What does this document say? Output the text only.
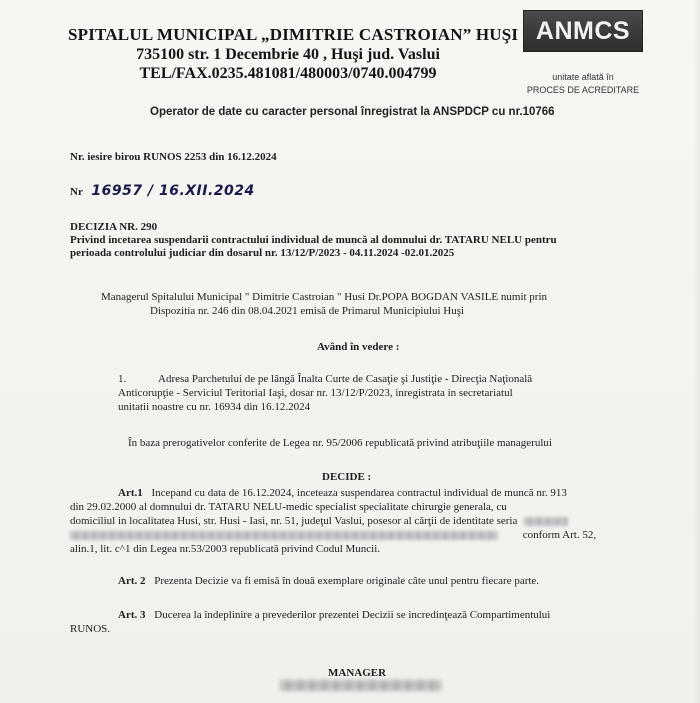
SPITALUL MUNICIPAL „DIMITRIE CASTROIAN” HUŞI
735100 str. 1 Decembrie 40 , Huşi jud. Vaslui
TEL/FAX.0235.481081/480003/0740.004799
ANMCS
unitate aflată în
PROCES DE ACREDITARE
Operator de date cu caracter personal înregistrat la ANSPDCP cu nr.10766
Nr. iesire birou RUNOS 2253 din 16.12.2024
Nr 16957 / 16.XII.2024
DECIZIA NR. 290
Privind incetarea suspendarii contractului individual de muncă al domnului dr. TATARU NELU pentru
perioada controlului judiciar din dosarul nr. 13/12/P/2023 - 04.11.2024 -02.01.2025
Managerul Spitalului Municipal " Dimitrie Castroian " Husi Dr.POPA BOGDAN VASILE numit prin
Dispozitia nr. 246 din 08.04.2021 emisă de Primarul Municipiului Huşi
Având în vedere :
1.	Adresa Parchetului de pe lângă Înalta Curte de Casaţie şi Justiţie - Direcţia Naţională
Anticorupţie - Serviciul Teritorial Iaşi, dosar nr. 13/12/P/2023, inregistrata in secretariatul
unitatii noastre cu nr. 16934 din 16.12.2024
În baza prerogativelor conferite de Legea nr. 95/2006 republicată privind atribuţiile managerului
DECIDE :
Art.1 Incepand cu data de 16.12.2024, inceteaza suspendarea contractul individual de muncă nr. 913
din 29.02.2000 al domnului dr. TATARU NELU-medic specialist specialitate chirurgie generala, cu
domiciliul in localitatea Husi, str. Husi - Iasi, nr. 51, judeţul Vaslui, posesor al cărţii de identitate seria
conform Art. 52,
alin.1, lit. c^1 din Legea nr.53/2003 republicată privind Codul Muncii.
Art. 2 Prezenta Decizie va fi emisă în două exemplare originale câte unul pentru fiecare parte.
Art. 3 Ducerea la îndeplinire a prevederilor prezentei Decizii se incredinţează Compartimentului
RUNOS.
MANAGER
